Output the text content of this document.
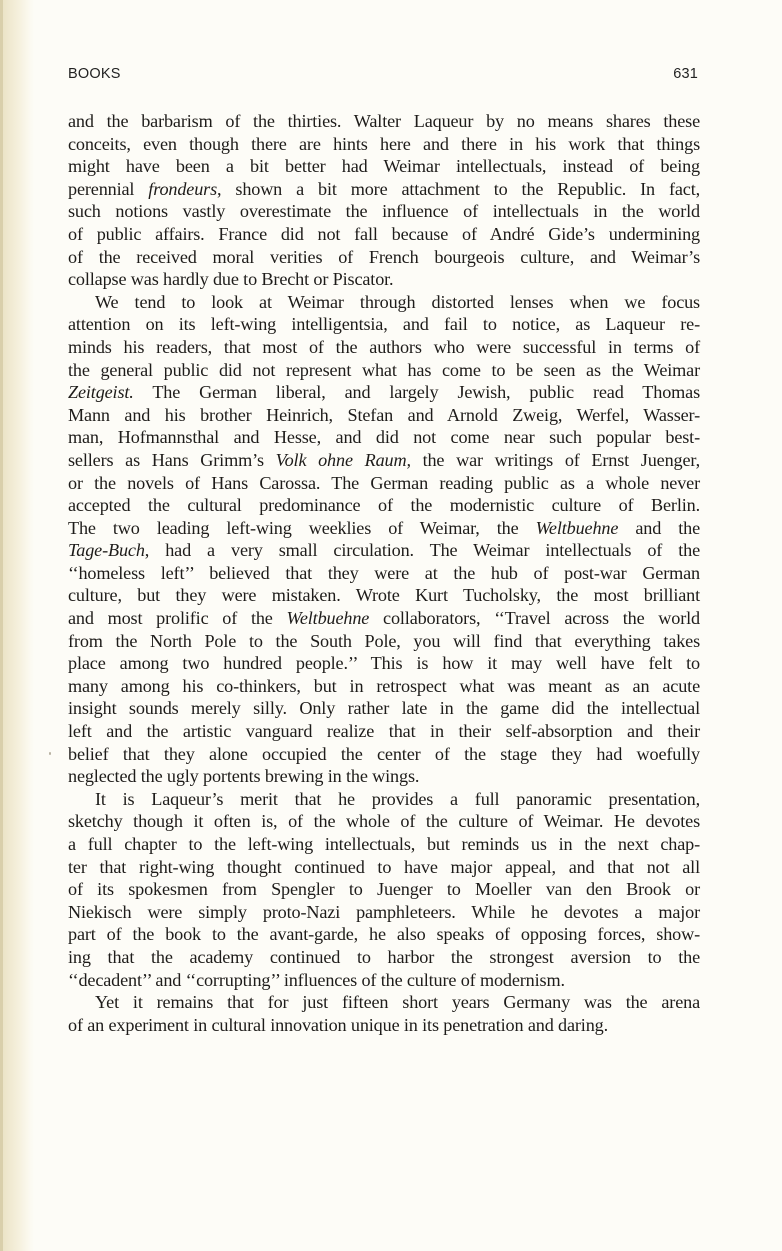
BOOKS	631

and the barbarism of the thirties. Walter Laqueur by no means shares these
conceits, even though there are hints here and there in his work that things
might have been a bit better had Weimar intellectuals, instead of being
perennial frondeurs, shown a bit more attachment to the Republic. In fact,
such notions vastly overestimate the influence of intellectuals in the world
of public affairs. France did not fall because of André Gide’s undermining
of the received moral verities of French bourgeois culture, and Weimar’s
collapse was hardly due to Brecht or Piscator.

We tend to look at Weimar through distorted lenses when we focus
attention on its left-wing intelligentsia, and fail to notice, as Laqueur re-
minds his readers, that most of the authors who were successful in terms of
the general public did not represent what has come to be seen as the Weimar
Zeitgeist. The German liberal, and largely Jewish, public read Thomas
Mann and his brother Heinrich, Stefan and Arnold Zweig, Werfel, Wasser-
man, Hofmannsthal and Hesse, and did not come near such popular best-
sellers as Hans Grimm’s Volk ohne Raum, the war writings of Ernst Juenger,
or the novels of Hans Carossa. The German reading public as a whole never
accepted the cultural predominance of the modernistic culture of Berlin.
The two leading left-wing weeklies of Weimar, the Weltbuehne and the
Tage-Buch, had a very small circulation. The Weimar intellectuals of the
‘‘homeless left’’ believed that they were at the hub of post-war German
culture, but they were mistaken. Wrote Kurt Tucholsky, the most brilliant
and most prolific of the Weltbuehne collaborators, ‘‘Travel across the world
from the North Pole to the South Pole, you will find that everything takes
place among two hundred people.’’ This is how it may well have felt to
many among his co-thinkers, but in retrospect what was meant as an acute
insight sounds merely silly. Only rather late in the game did the intellectual
left and the artistic vanguard realize that in their self-absorption and their
belief that they alone occupied the center of the stage they had woefully
neglected the ugly portents brewing in the wings.

It is Laqueur’s merit that he provides a full panoramic presentation,
sketchy though it often is, of the whole of the culture of Weimar. He devotes
a full chapter to the left-wing intellectuals, but reminds us in the next chap-
ter that right-wing thought continued to have major appeal, and that not all
of its spokesmen from Spengler to Juenger to Moeller van den Brook or
Niekisch were simply proto-Nazi pamphleteers. While he devotes a major
part of the book to the avant-garde, he also speaks of opposing forces, show-
ing that the academy continued to harbor the strongest aversion to the
‘‘decadent’’ and ‘‘corrupting’’ influences of the culture of modernism.

Yet it remains that for just fifteen short years Germany was the arena
of an experiment in cultural innovation unique in its penetration and daring.
